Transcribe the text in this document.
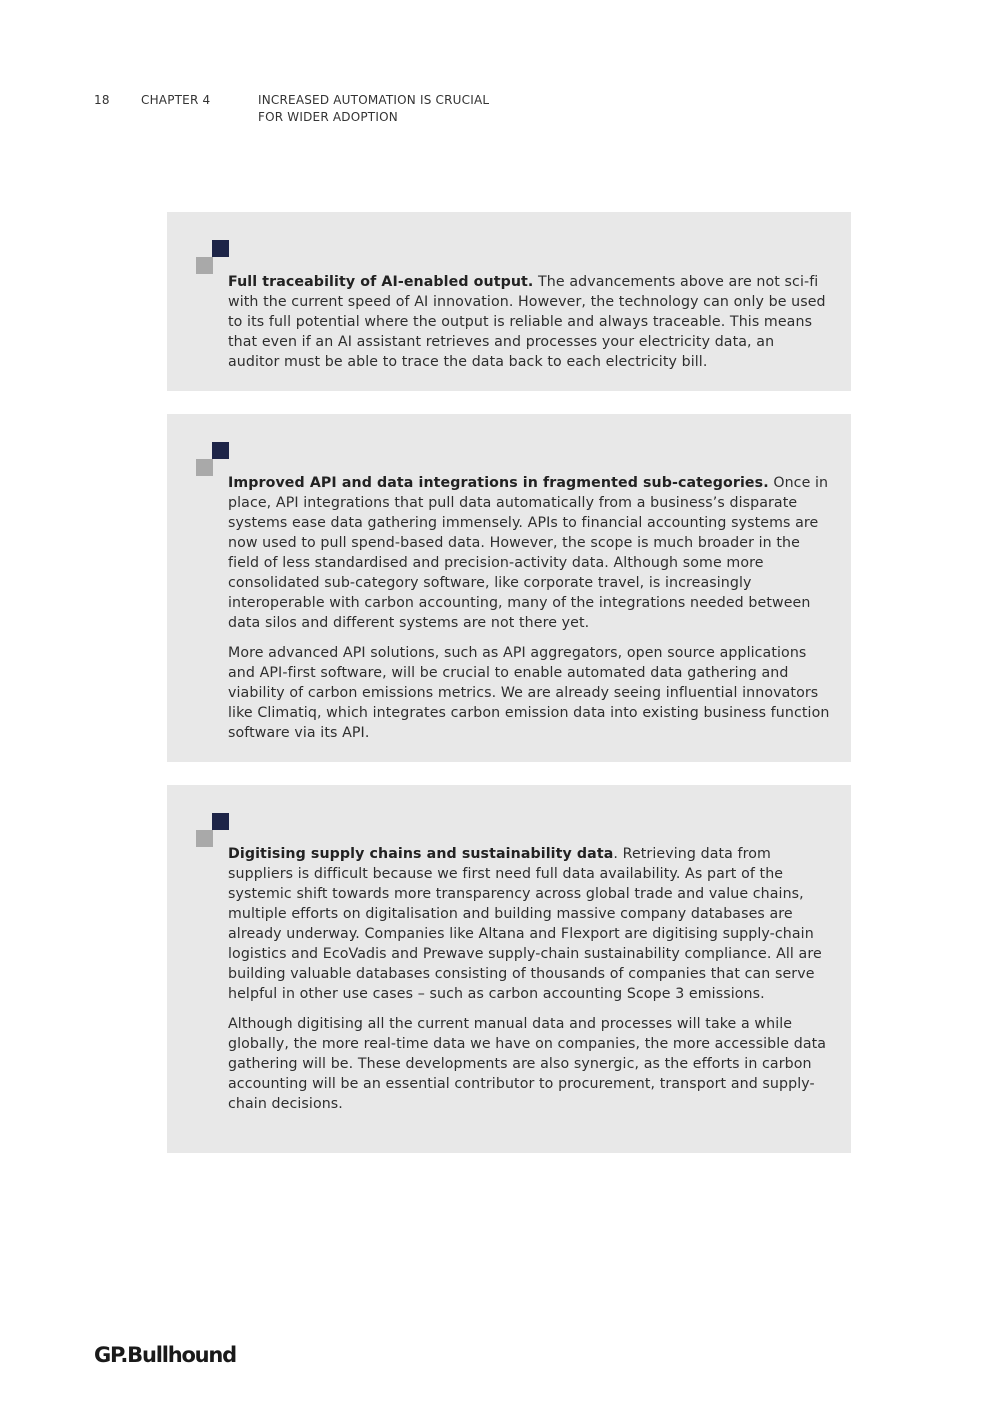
18	CHAPTER 4	INCREASED AUTOMATION IS CRUCIAL
FOR WIDER ADOPTION

Full traceability of AI-enabled output. The advancements above are not sci-fi with the current speed of AI innovation. However, the technology can only be used to its full potential where the output is reliable and always traceable. This means that even if an AI assistant retrieves and processes your electricity data, an auditor must be able to trace the data back to each electricity bill.

Improved API and data integrations in fragmented sub-categories. Once in place, API integrations that pull data automatically from a business’s disparate systems ease data gathering immensely. APIs to financial accounting systems are now used to pull spend-based data. However, the scope is much broader in the field of less standardised and precision-activity data. Although some more consolidated sub-category software, like corporate travel, is increasingly interoperable with carbon accounting, many of the integrations needed between data silos and different systems are not there yet.

More advanced API solutions, such as API aggregators, open source applications and API-first software, will be crucial to enable automated data gathering and viability of carbon emissions metrics. We are already seeing influential innovators like Climatiq, which integrates carbon emission data into existing business function software via its API.

Digitising supply chains and sustainability data. Retrieving data from suppliers is difficult because we first need full data availability. As part of the systemic shift towards more transparency across global trade and value chains, multiple efforts on digitalisation and building massive company databases are already underway. Companies like Altana and Flexport are digitising supply-chain logistics and EcoVadis and Prewave supply-chain sustainability compliance. All are building valuable databases consisting of thousands of companies that can serve helpful in other use cases – such as carbon accounting Scope 3 emissions.

Although digitising all the current manual data and processes will take a while globally, the more real-time data we have on companies, the more accessible data gathering will be. These developments are also synergic, as the efforts in carbon accounting will be an essential contributor to procurement, transport and supply-chain decisions.

GP.Bullhound
